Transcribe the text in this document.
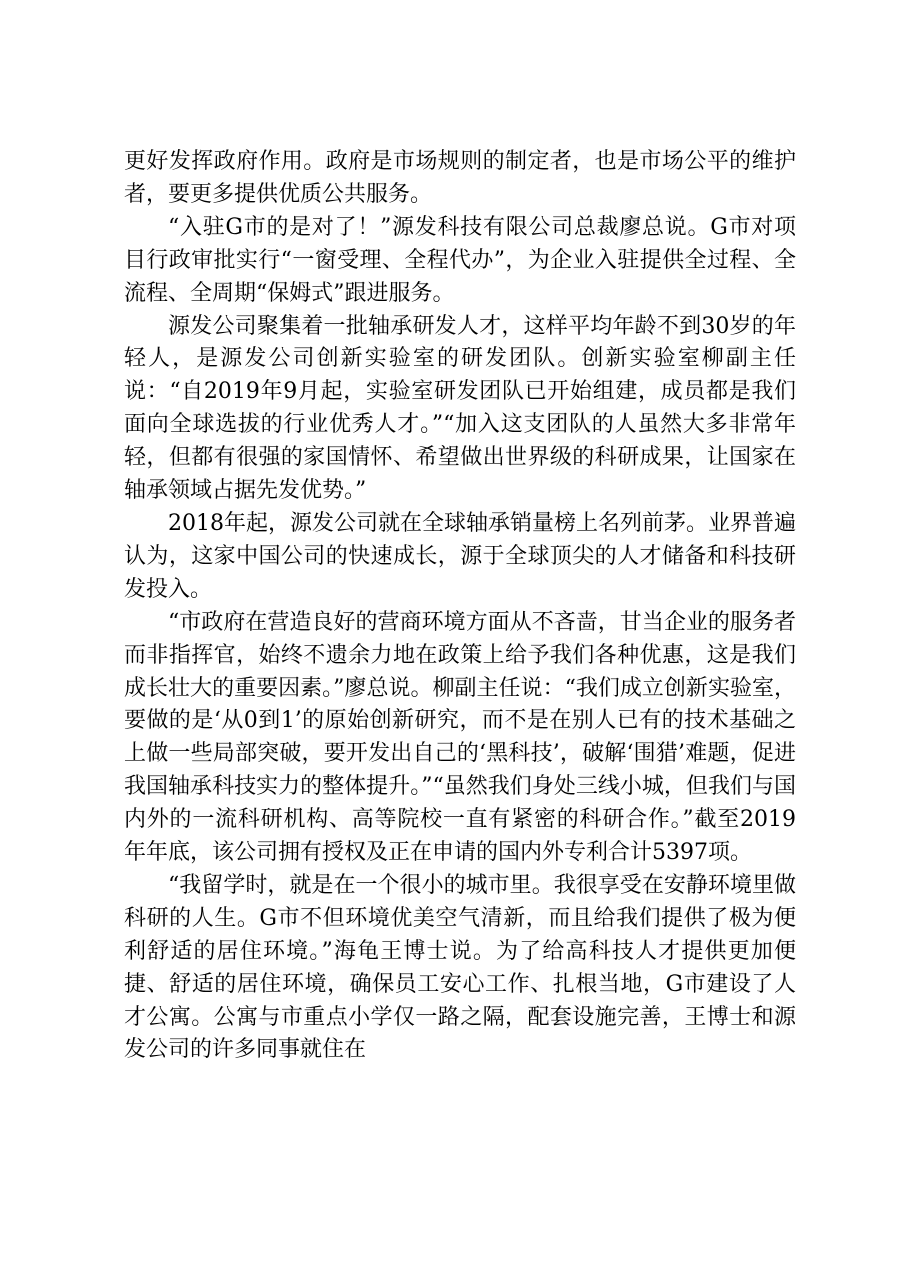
更好发挥政府作用。政府是市场规则的制定者，也是市场公平的维护者，要更多提供优质公共服务。

“入驻G市的是对了！”源发科技有限公司总裁廖总说。G市对项目行政审批实行“一窗受理、全程代办”，为企业入驻提供全过程、全流程、全周期“保姆式”跟进服务。

源发公司聚集着一批轴承研发人才，这样平均年龄不到30岁的年轻人，是源发公司创新实验室的研发团队。创新实验室柳副主任说：“自2019年9月起，实验室研发团队已开始组建，成员都是我们面向全球选拔的行业优秀人才。”“加入这支团队的人虽然大多非常年轻，但都有很强的家国情怀、希望做出世界级的科研成果，让国家在轴承领域占据先发优势。”

2018年起，源发公司就在全球轴承销量榜上名列前茅。业界普遍认为，这家中国公司的快速成长，源于全球顶尖的人才储备和科技研发投入。

“市政府在营造良好的营商环境方面从不吝啬，甘当企业的服务者而非指挥官，始终不遗余力地在政策上给予我们各种优惠，这是我们成长壮大的重要因素。”廖总说。柳副主任说：“我们成立创新实验室，要做的是‘从0到1’的原始创新研究，而不是在别人已有的技术基础之上做一些局部突破，要开发出自己的‘黑科技’，破解‘围猎’难题，促进我国轴承科技实力的整体提升。”“虽然我们身处三线小城，但我们与国内外的一流科研机构、高等院校一直有紧密的科研合作。”截至2019年年底，该公司拥有授权及正在申请的国内外专利合计5397项。

“我留学时，就是在一个很小的城市里。我很享受在安静环境里做科研的人生。G市不但环境优美空气清新，而且给我们提供了极为便利舒适的居住环境。”海龟王博士说。为了给高科技人才提供更加便捷、舒适的居住环境，确保员工安心工作、扎根当地，G市建设了人才公寓。公寓与市重点小学仅一路之隔，配套设施完善，王博士和源发公司的许多同事就住在
